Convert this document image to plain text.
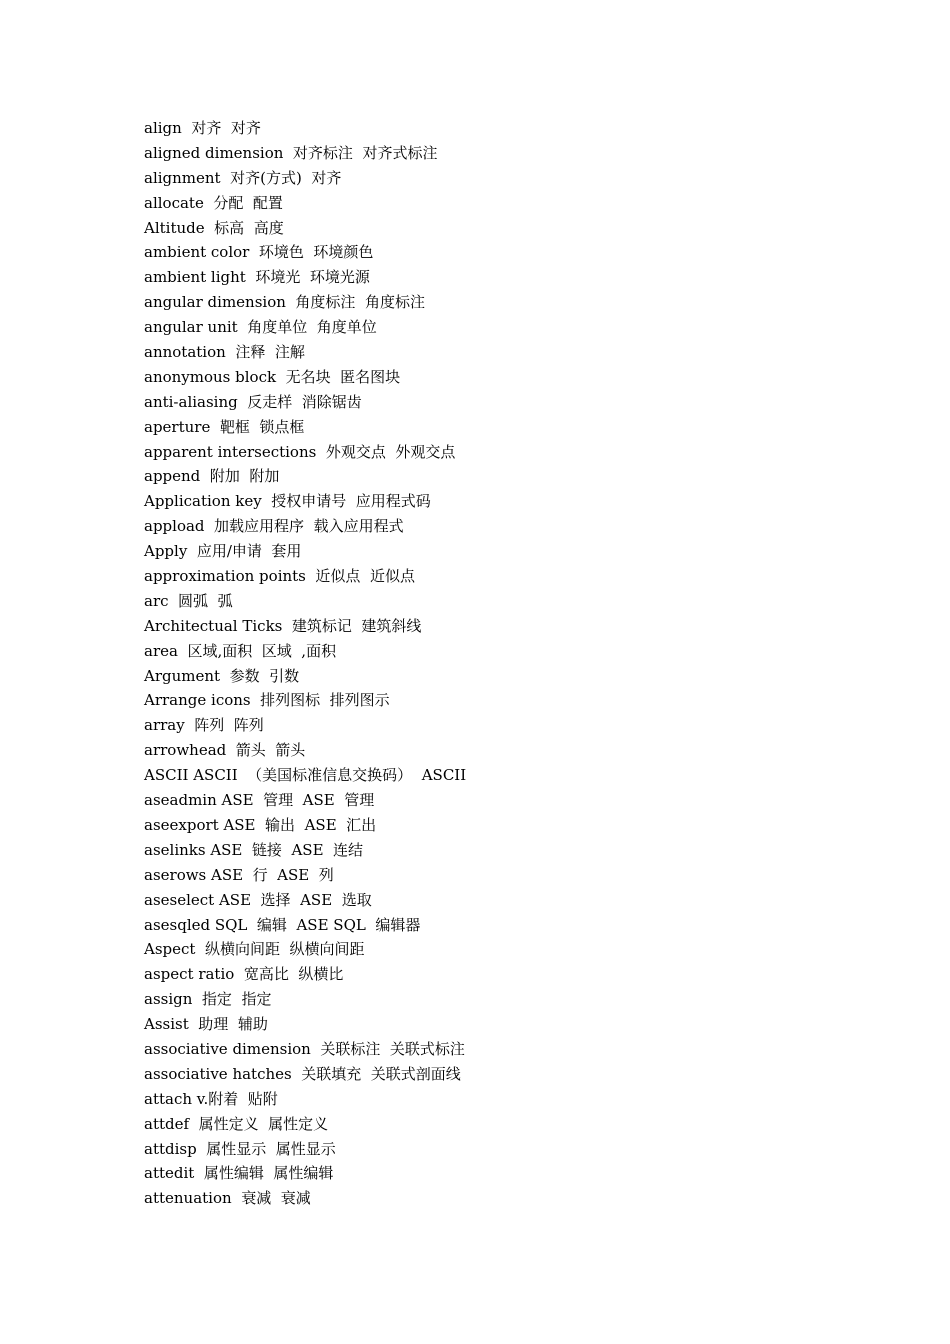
align  对齐  对齐
aligned dimension  对齐标注  对齐式标注
alignment  对齐(方式)  对齐
allocate  分配  配置
Altitude  标高  高度
ambient color  环境色  环境颜色
ambient light  环境光  环境光源
angular dimension  角度标注  角度标注
angular unit  角度单位  角度单位
annotation  注释  注解
anonymous block  无名块  匿名图块
anti-aliasing  反走样  消除锯齿
aperture  靶框  锁点框
apparent intersections  外观交点  外观交点
append  附加  附加
Application key  授权申请号  应用程式码
appload  加载应用程序  载入应用程式
Apply  应用/申请  套用
approximation points  近似点  近似点
arc  圆弧  弧
Architectual Ticks  建筑标记  建筑斜线
area  区域,面积  区域  ,面积
Argument  参数  引数
Arrange icons  排列图标  排列图示
array  阵列  阵列
arrowhead  箭头  箭头
ASCII ASCII  （美国标准信息交换码）  ASCII
aseadmin ASE  管理  ASE  管理
aseexport ASE  输出  ASE  汇出
aselinks ASE  链接  ASE  连结
aserows ASE  行  ASE  列
aseselect ASE  选择  ASE  选取
asesqled SQL  编辑  ASE SQL  编辑器
Aspect  纵横向间距  纵横向间距
aspect ratio  宽高比  纵横比
assign  指定  指定
Assist  助理  辅助
associative dimension  关联标注  关联式标注
associative hatches  关联填充  关联式剖面线
attach v.附着  贴附
attdef  属性定义  属性定义
attdisp  属性显示  属性显示
attedit  属性编辑  属性编辑
attenuation  衰减  衰减
